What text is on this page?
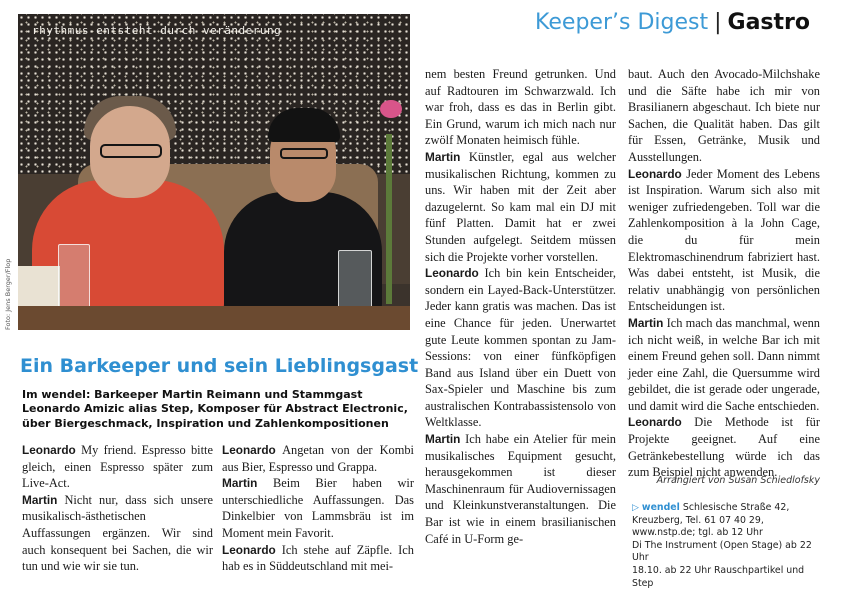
Keeper’s Digest | Gastro
rhythmus entsteht durch veränderung
Foto: Jens Berger/Flop
Ein Barkeeper und sein Lieblingsgast
Im wendel: Barkeeper Martin Reimann und Stammgast Leonardo Amizic alias Step, Komposer für Abstract Electronic, über Biergeschmack, Inspiration und Zahlenkompositionen

Leonardo My friend. Espresso bitte gleich, einen Espresso später zum Live-Act.

Martin Nicht nur, dass sich unsere musikalisch-ästhetischen Auffassungen ergänzen. Wir sind auch konsequent bei Sachen, die wir tun und wie wir sie tun.

Leonardo Angetan von der Kombi aus Bier, Espresso und Grappa.

Martin Beim Bier haben wir unterschiedliche Auffassungen. Das Dinkelbier von Lammsbräu ist im Moment mein Favorit.

Leonardo Ich stehe auf Zäpfle. Ich hab es in Süddeutschland mit mei-

nem besten Freund getrunken. Und auf Radtouren im Schwarzwald. Ich war froh, dass es das in Berlin gibt. Ein Grund, warum ich mich nach nur zwölf Monaten heimisch fühle.

Martin Künstler, egal aus welcher musikalischen Richtung, kommen zu uns. Wir haben mit der Zeit aber dazugelernt. So kam mal ein DJ mit fünf Platten. Damit hat er zwei Stunden aufgelegt. Seitdem müssen sich die Projekte vorher vorstellen.

Leonardo Ich bin kein Entscheider, sondern ein Layed-Back-Unterstützer. Jeder kann gratis was machen. Das ist eine Chance für jeden. Unerwartet gute Leute kommen spontan zu Jam-Sessions: von einer fünfköpfigen Band aus Island über ein Duett von Sax-Spieler und Maschine bis zum australischen Kontrabassistensolo von Weltklasse.

Martin Ich habe ein Atelier für mein musikalisches Equipment gesucht, herausgekommen ist dieser Maschinenraum für Audiovernissagen und Kleinkunstveranstaltungen. Die Bar ist wie in einem brasilianischen Café in U-Form ge-

baut. Auch den Avocado-Milchshake und die Säfte habe ich mir von Brasilianern abgeschaut. Ich biete nur Sachen, die Qualität haben. Das gilt für Essen, Getränke, Musik und Ausstellungen.

Leonardo Jeder Moment des Lebens ist Inspiration. Warum sich also mit weniger zufriedengeben. Toll war die Zahlenkomposition à la John Cage, die du für mein Elektromaschinendrum fabriziert hast. Was dabei entsteht, ist Musik, die relativ unabhängig von persönlichen Entscheidungen ist.

Martin Ich mach das manchmal, wenn ich nicht weiß, in welche Bar ich mit einem Freund gehen soll. Dann nimmt jeder eine Zahl, die Quersumme wird gebildet, die ist gerade oder ungerade, und damit wird die Sache entschieden.

Leonardo Die Methode ist für Projekte geeignet. Auf eine Getränkebestellung würde ich das zum Beispiel nicht anwenden.

Arrangiert von Susan Schiedlofsky
▷ wendel Schlesische Straße 42, Kreuzberg, Tel. 61 07 40 29, www.nstp.de; tgl. ab 12 Uhr
Di The Instrument (Open Stage) ab 22 Uhr
18.10. ab 22 Uhr Rauschpartikel und Step
